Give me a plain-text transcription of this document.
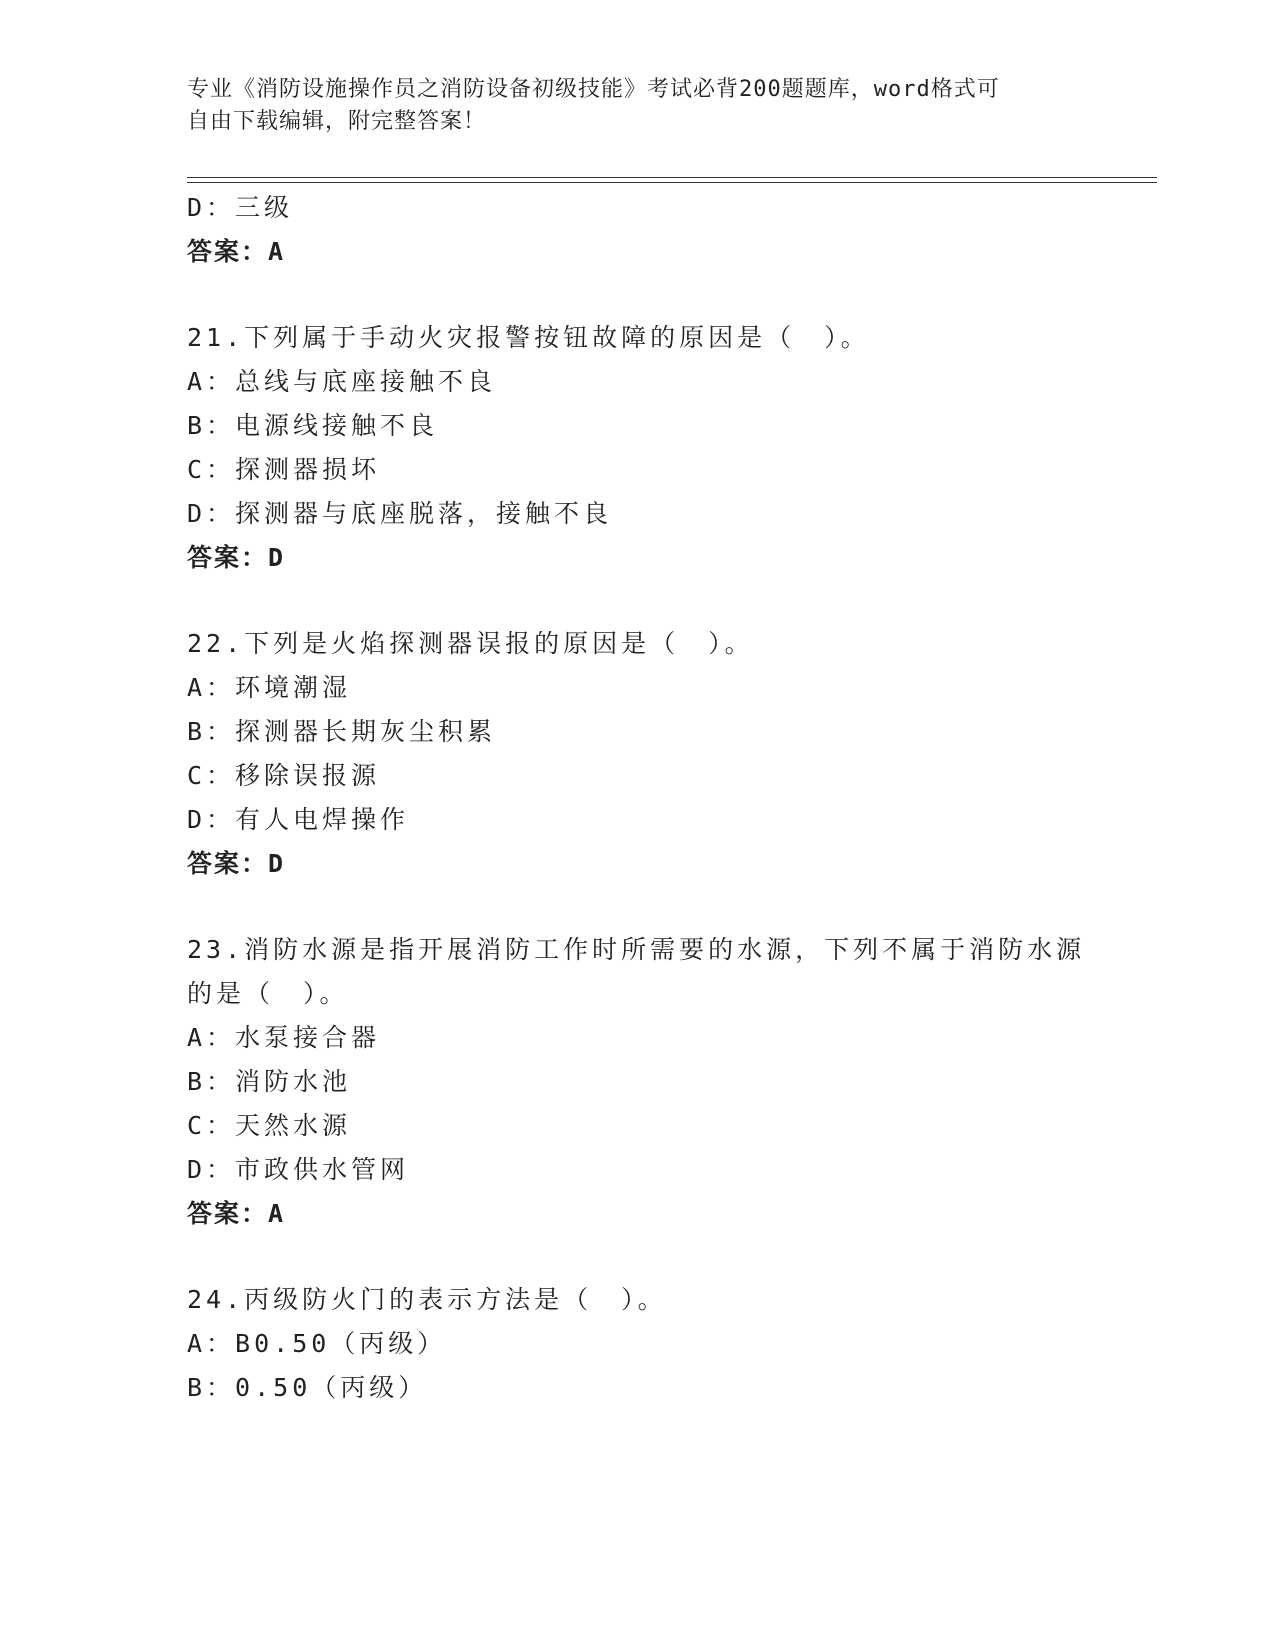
专业《消防设施操作员之消防设备初级技能》考试必背200题题库，word格式可
自由下载编辑，附完整答案！
D：三级
答案：A
21.下列属于手动火灾报警按钮故障的原因是（　）。
A：总线与底座接触不良
B：电源线接触不良
C：探测器损坏
D：探测器与底座脱落，接触不良
答案：D
22.下列是火焰探测器误报的原因是（　）。
A：环境潮湿
B：探测器长期灰尘积累
C：移除误报源
D：有人电焊操作
答案：D
23.消防水源是指开展消防工作时所需要的水源，下列不属于消防水源
的是（　）。
A：水泵接合器
B：消防水池
C：天然水源
D：市政供水管网
答案：A
24.丙级防火门的表示方法是（　）。
A：B0.50（丙级）
B：0.50（丙级）
